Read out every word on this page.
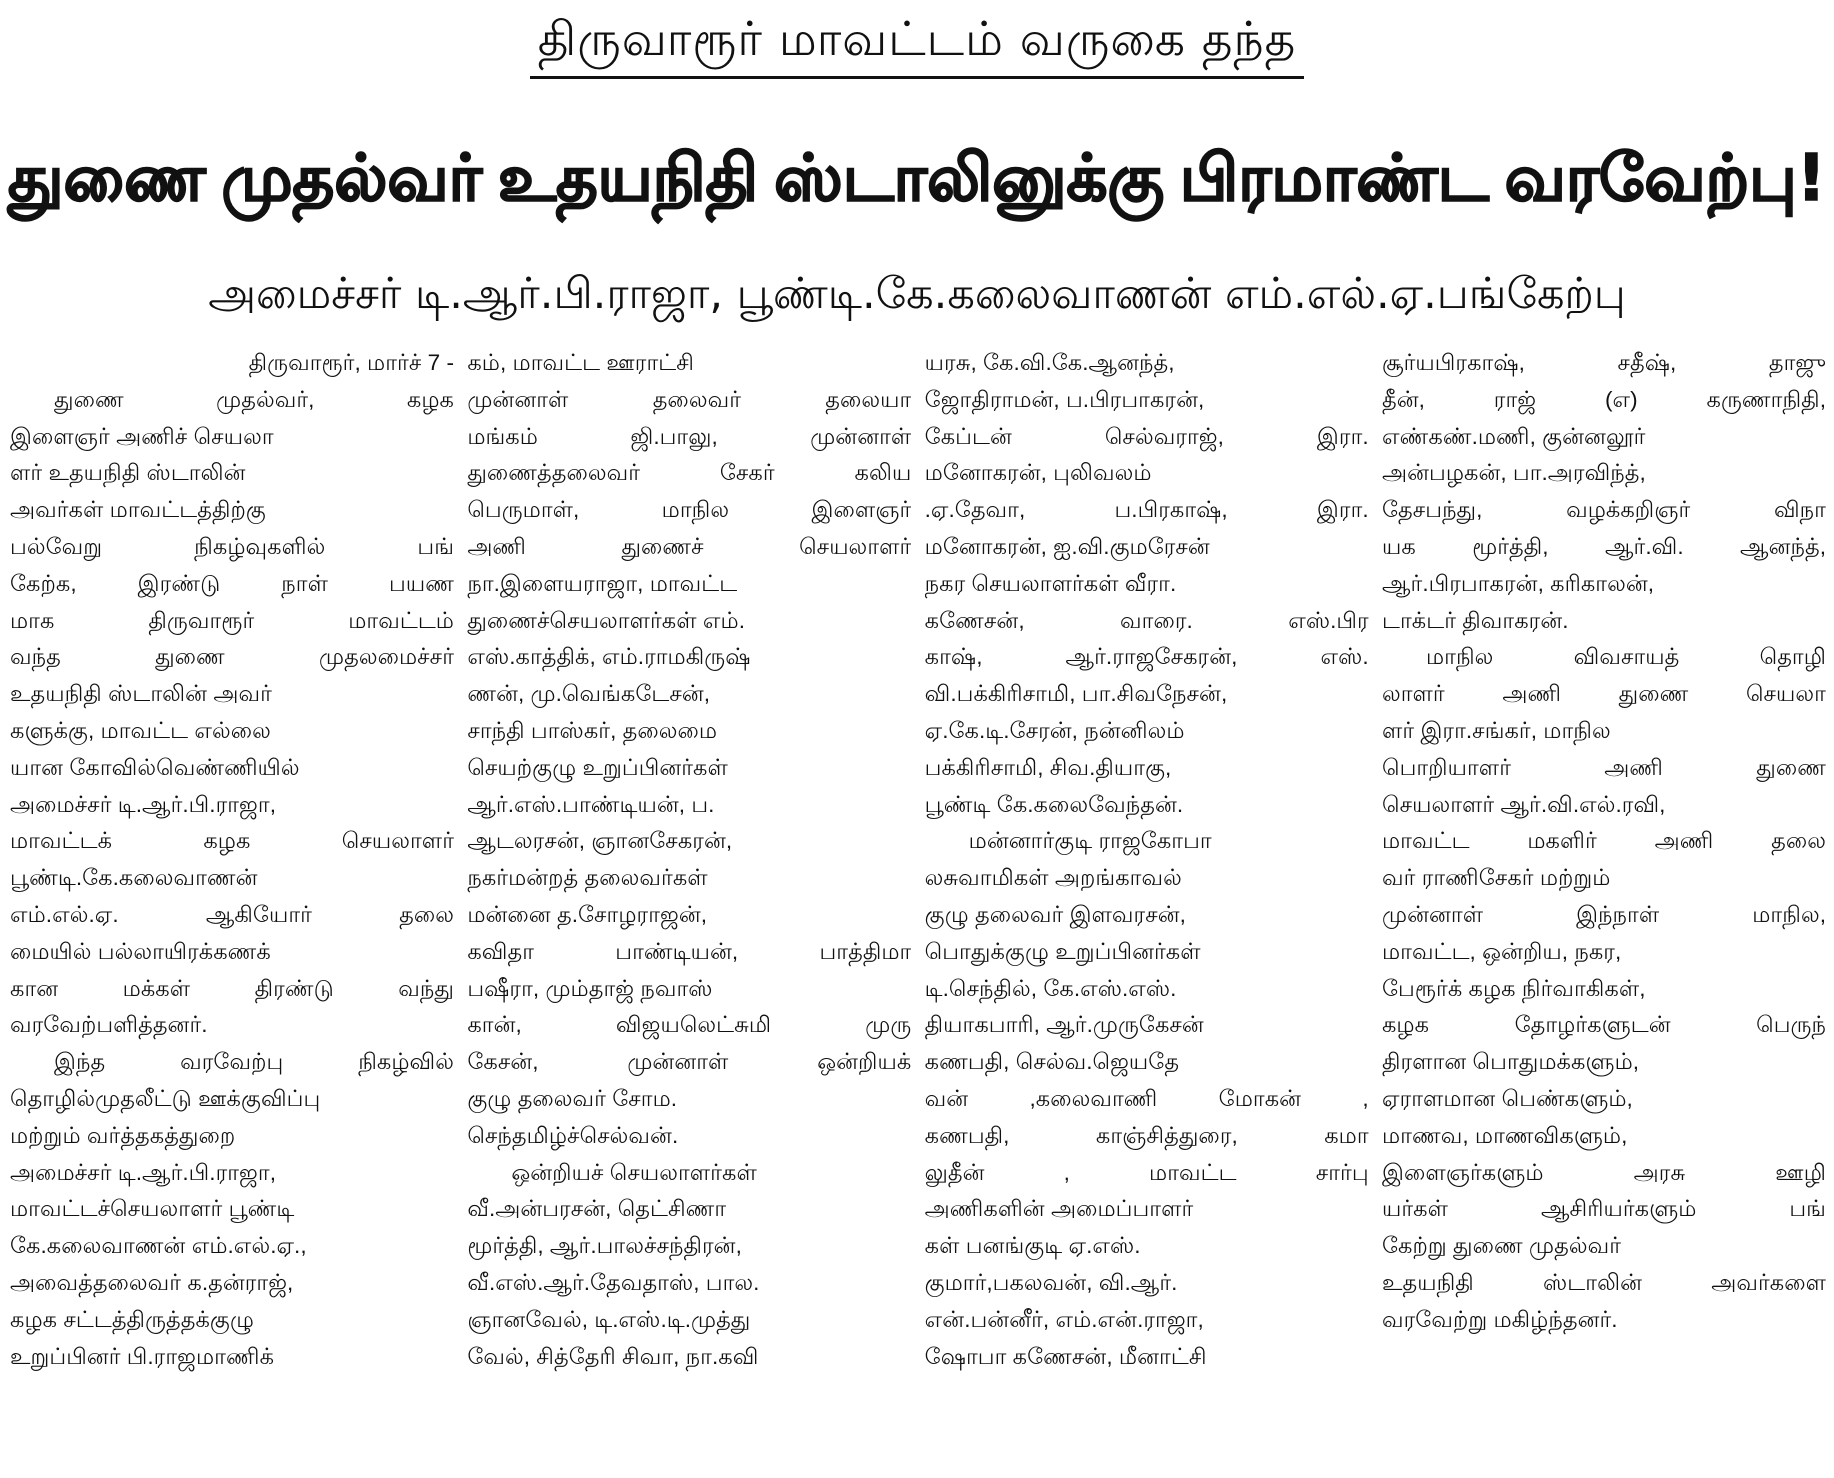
திருவாரூர் மாவட்டம் வருகை தந்த
துணை முதல்வர் உதயநிதி ஸ்டாலினுக்கு பிரமாண்ட வரவேற்பு!
அமைச்சர் டி.ஆர்.பி.ராஜா, பூண்டி.கே.கலைவாணன் எம்.எல்.ஏ.பங்கேற்பு
திருவாரூர், மார்ச் 7 -
துணை முதல்வர், கழக
இளைஞர் அணிச் செயலா
ளர் உதயநிதி ஸ்டாலின்
அவர்கள் மாவட்டத்திற்கு
பல்வேறு நிகழ்வுகளில் பங்
கேற்க, இரண்டு நாள் பயண
மாக திருவாரூர் மாவட்டம்
வந்த துணை முதலமைச்சர்
உதயநிதி ஸ்டாலின் அவர்
களுக்கு, மாவட்ட எல்லை
யான கோவில்வெண்ணியில்
அமைச்சர் டி.ஆர்.பி.ராஜா,
மாவட்டக் கழக செயலாளர்
பூண்டி.கே.கலைவாணன்
எம்.எல்.ஏ. ஆகியோர் தலை
மையில் பல்லாயிரக்கணக்
கான மக்கள் திரண்டு வந்து
வரவேற்பளித்தனர்.
இந்த வரவேற்பு நிகழ்வில்
தொழில்முதலீட்டு ஊக்குவிப்பு
மற்றும் வர்த்தகத்துறை
அமைச்சர் டி.ஆர்.பி.ராஜா,
மாவட்டச்செயலாளர் பூண்டி
கே.கலைவாணன் எம்.எல்.ஏ.,
அவைத்தலைவர் க.தன்ராஜ்,
கழக சட்டத்திருத்தக்குழு
உறுப்பினர் பி.ராஜமாணிக்
கம், மாவட்ட ஊராட்சி
முன்னாள் தலைவர் தலையா
மங்கம் ஜி.பாலு, முன்னாள்
துணைத்தலைவர் சேகர் கலிய
பெருமாள், மாநில இளைஞர்
அணி துணைச் செயலாளர்
நா.இளையராஜா, மாவட்ட
துணைச்செயலாளர்கள் எம்.
எஸ்.காத்திக், எம்.ராமகிருஷ்
ணன், மு.வெங்கடேசன்,
சாந்தி பாஸ்கர், தலைமை
செயற்குழு உறுப்பினர்கள்
ஆர்.எஸ்.பாண்டியன், ப.
ஆடலரசன், ஞானசேகரன்,
நகர்மன்றத் தலைவர்கள்
மன்னை த.சோழராஜன்,
கவிதா பாண்டியன், பாத்திமா
பஷீரா, மும்தாஜ் நவாஸ்
கான், விஜயலெட்சுமி முரு
கேசன், முன்னாள் ஒன்றியக்
குழு தலைவர் சோம.
செந்தமிழ்ச்செல்வன்.
ஒன்றியச் செயலாளர்கள்
வீ.அன்பரசன், தெட்சிணா
மூர்த்தி, ஆர்.பாலச்சந்திரன்,
வீ.எஸ்.ஆர்.தேவதாஸ், பால.
ஞானவேல், டி.எஸ்.டி.முத்து
வேல், சித்தேரி சிவா, நா.கவி
யரசு, கே.வி.கே.ஆனந்த்,
ஜோதிராமன், ப.பிரபாகரன்,
கேப்டன் செல்வராஜ், இரா.
மனோகரன், புலிவலம்
.ஏ.தேவா, ப.பிரகாஷ், இரா.
மனோகரன், ஐ.வி.குமரேசன்
நகர செயலாளர்கள் வீரா.
கணேசன், வாரை. எஸ்.பிர
காஷ், ஆர்.ராஜசேகரன், எஸ்.
வி.பக்கிரிசாமி, பா.சிவநேசன்,
ஏ.கே.டி.சேரன், நன்னிலம்
பக்கிரிசாமி, சிவ.தியாகு,
பூண்டி கே.கலைவேந்தன்.
மன்னார்குடி ராஜகோபா
லசுவாமிகள் அறங்காவல்
குழு தலைவர் இளவரசன்,
பொதுக்குழு உறுப்பினர்கள்
டி.செந்தில், கே.எஸ்.எஸ்.
தியாகபாரி, ஆர்.முருகேசன்
கணபதி, செல்வ.ஜெயதே
வன் ,கலைவாணி மோகன் ,
கணபதி, காஞ்சித்துரை, கமா
லுதீன் , மாவட்ட சார்பு
அணிகளின் அமைப்பாளர்
கள் பனங்குடி ஏ.எஸ்.
குமார்,பகலவன், வி.ஆர்.
என்.பன்னீர், எம்.என்.ராஜா,
ஷோபா கணேசன், மீனாட்சி
சூர்யபிரகாஷ், சதீஷ், தாஜு
தீன், ராஜ் (எ) கருணாநிதி,
எண்கண்.மணி, குன்னலூர்
அன்பழகன், பா.அரவிந்த்,
தேசபந்து, வழக்கறிஞர் விநா
யக மூர்த்தி, ஆர்.வி. ஆனந்த்,
ஆர்.பிரபாகரன், கரிகாலன்,
டாக்டர் திவாகரன்.
மாநில விவசாயத் தொழி
லாளர் அணி துணை செயலா
ளர் இரா.சங்கர், மாநில
பொறியாளர் அணி துணை
செயலாளர் ஆர்.வி.எல்.ரவி,
மாவட்ட மகளிர் அணி தலை
வர் ராணிசேகர் மற்றும்
முன்னாள் இந்நாள் மாநில,
மாவட்ட, ஒன்றிய, நகர,
பேரூர்க் கழக நிர்வாகிகள்,
கழக தோழர்களுடன் பெருந்
திரளான பொதுமக்களும்,
ஏராளமான பெண்களும்,
மாணவ, மாணவிகளும்,
இளைஞர்களும் அரசு ஊழி
யர்கள் ஆசிரியர்களும் பங்
கேற்று துணை முதல்வர்
உதயநிதி ஸ்டாலின் அவர்களை
வரவேற்று மகிழ்ந்தனர்.
